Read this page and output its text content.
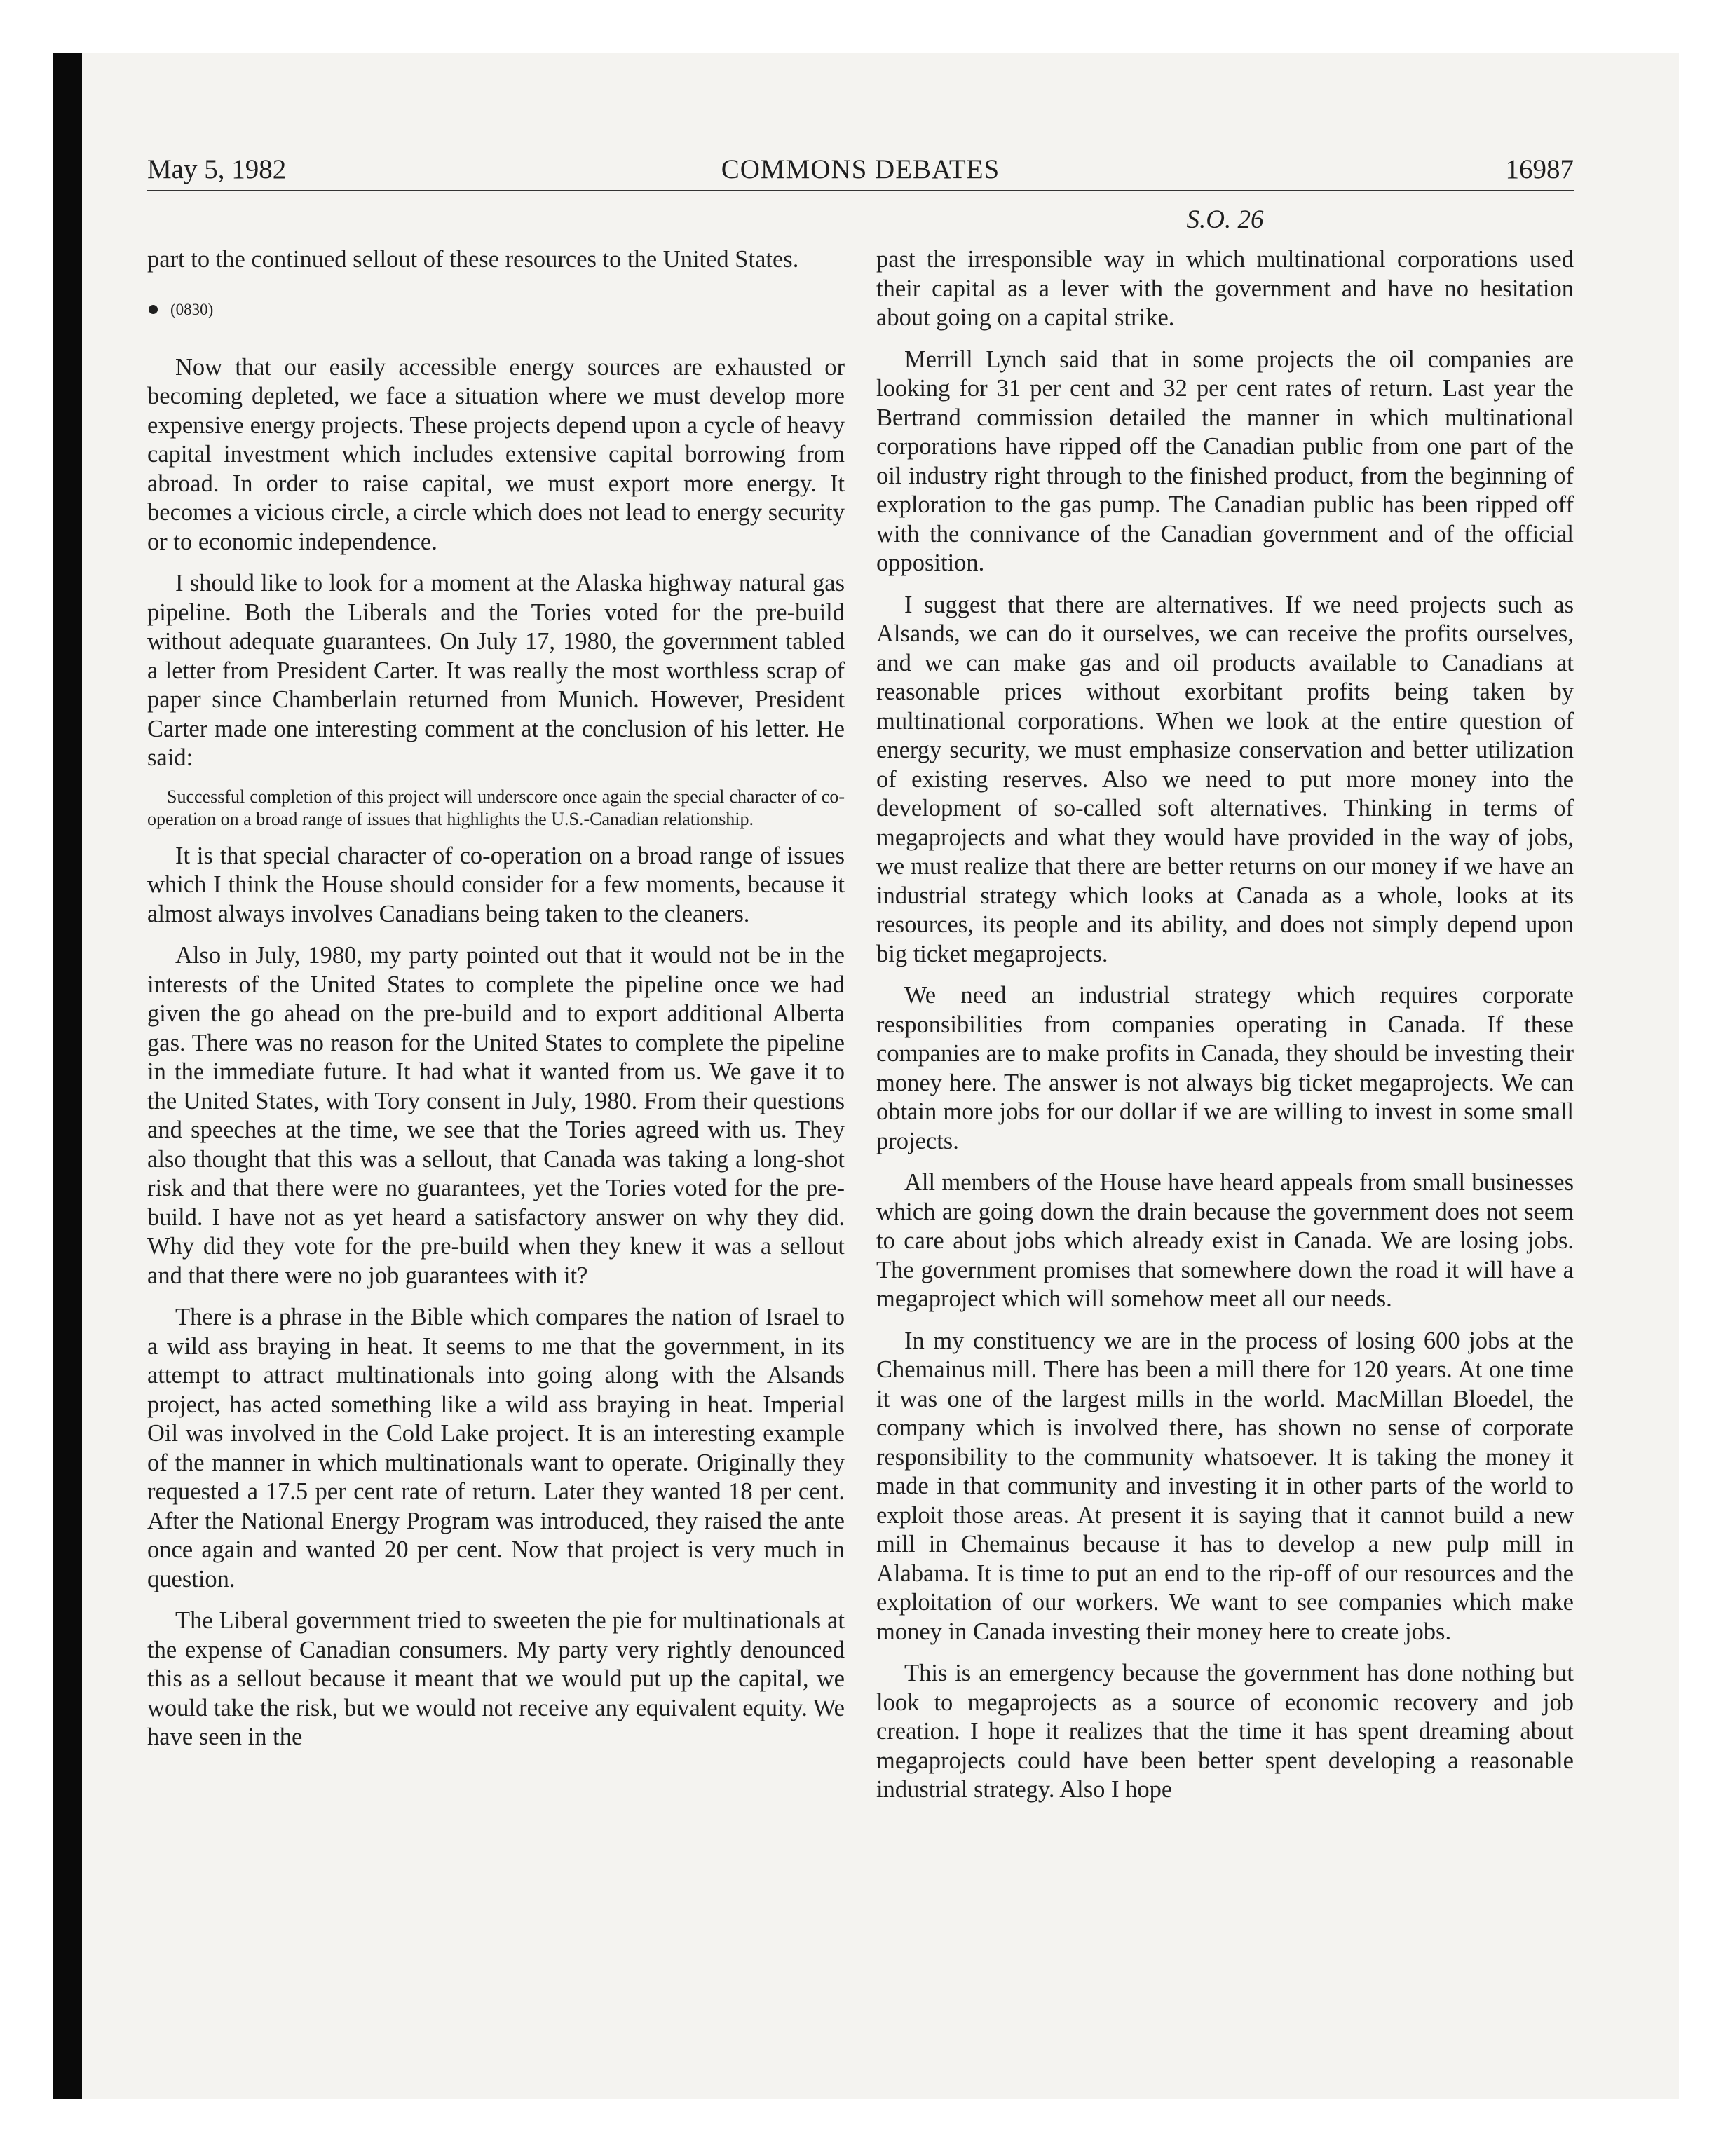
May 5, 1982	COMMONS DEBATES	16987
S.O. 26

part to the continued sellout of these resources to the United States.

(0830)

Now that our easily accessible energy sources are exhausted or becoming depleted, we face a situation where we must develop more expensive energy projects. These projects depend upon a cycle of heavy capital investment which includes extensive capital borrowing from abroad. In order to raise capital, we must export more energy. It becomes a vicious circle, a circle which does not lead to energy security or to economic independence.

I should like to look for a moment at the Alaska highway natural gas pipeline. Both the Liberals and the Tories voted for the pre-build without adequate guarantees. On July 17, 1980, the government tabled a letter from President Carter. It was really the most worthless scrap of paper since Chamberlain returned from Munich. However, President Carter made one interesting comment at the conclusion of his letter. He said:

Successful completion of this project will underscore once again the special character of co-operation on a broad range of issues that highlights the U.S.-Canadian relationship.

It is that special character of co-operation on a broad range of issues which I think the House should consider for a few moments, because it almost always involves Canadians being taken to the cleaners.

Also in July, 1980, my party pointed out that it would not be in the interests of the United States to complete the pipeline once we had given the go ahead on the pre-build and to export additional Alberta gas. There was no reason for the United States to complete the pipeline in the immediate future. It had what it wanted from us. We gave it to the United States, with Tory consent in July, 1980. From their questions and speeches at the time, we see that the Tories agreed with us. They also thought that this was a sellout, that Canada was taking a long-shot risk and that there were no guarantees, yet the Tories voted for the pre-build. I have not as yet heard a satisfactory answer on why they did. Why did they vote for the pre-build when they knew it was a sellout and that there were no job guarantees with it?

There is a phrase in the Bible which compares the nation of Israel to a wild ass braying in heat. It seems to me that the government, in its attempt to attract multinationals into going along with the Alsands project, has acted something like a wild ass braying in heat. Imperial Oil was involved in the Cold Lake project. It is an interesting example of the manner in which multinationals want to operate. Originally they requested a 17.5 per cent rate of return. Later they wanted 18 per cent. After the National Energy Program was introduced, they raised the ante once again and wanted 20 per cent. Now that project is very much in question.

The Liberal government tried to sweeten the pie for multinationals at the expense of Canadian consumers. My party very rightly denounced this as a sellout because it meant that we would put up the capital, we would take the risk, but we would not receive any equivalent equity. We have seen in the

past the irresponsible way in which multinational corporations used their capital as a lever with the government and have no hesitation about going on a capital strike.

Merrill Lynch said that in some projects the oil companies are looking for 31 per cent and 32 per cent rates of return. Last year the Bertrand commission detailed the manner in which multinational corporations have ripped off the Canadian public from one part of the oil industry right through to the finished product, from the beginning of exploration to the gas pump. The Canadian public has been ripped off with the connivance of the Canadian government and of the official opposition.

I suggest that there are alternatives. If we need projects such as Alsands, we can do it ourselves, we can receive the profits ourselves, and we can make gas and oil products available to Canadians at reasonable prices without exorbitant profits being taken by multinational corporations. When we look at the entire question of energy security, we must emphasize conservation and better utilization of existing reserves. Also we need to put more money into the development of so-called soft alternatives. Thinking in terms of megaprojects and what they would have provided in the way of jobs, we must realize that there are better returns on our money if we have an industrial strategy which looks at Canada as a whole, looks at its resources, its people and its ability, and does not simply depend upon big ticket megaprojects.

We need an industrial strategy which requires corporate responsibilities from companies operating in Canada. If these companies are to make profits in Canada, they should be investing their money here. The answer is not always big ticket megaprojects. We can obtain more jobs for our dollar if we are willing to invest in some small projects.

All members of the House have heard appeals from small businesses which are going down the drain because the government does not seem to care about jobs which already exist in Canada. We are losing jobs. The government promises that somewhere down the road it will have a megaproject which will somehow meet all our needs.

In my constituency we are in the process of losing 600 jobs at the Chemainus mill. There has been a mill there for 120 years. At one time it was one of the largest mills in the world. MacMillan Bloedel, the company which is involved there, has shown no sense of corporate responsibility to the community whatsoever. It is taking the money it made in that community and investing it in other parts of the world to exploit those areas. At present it is saying that it cannot build a new mill in Chemainus because it has to develop a new pulp mill in Alabama. It is time to put an end to the rip-off of our resources and the exploitation of our workers. We want to see companies which make money in Canada investing their money here to create jobs.

This is an emergency because the government has done nothing but look to megaprojects as a source of economic recovery and job creation. I hope it realizes that the time it has spent dreaming about megaprojects could have been better spent developing a reasonable industrial strategy. Also I hope
